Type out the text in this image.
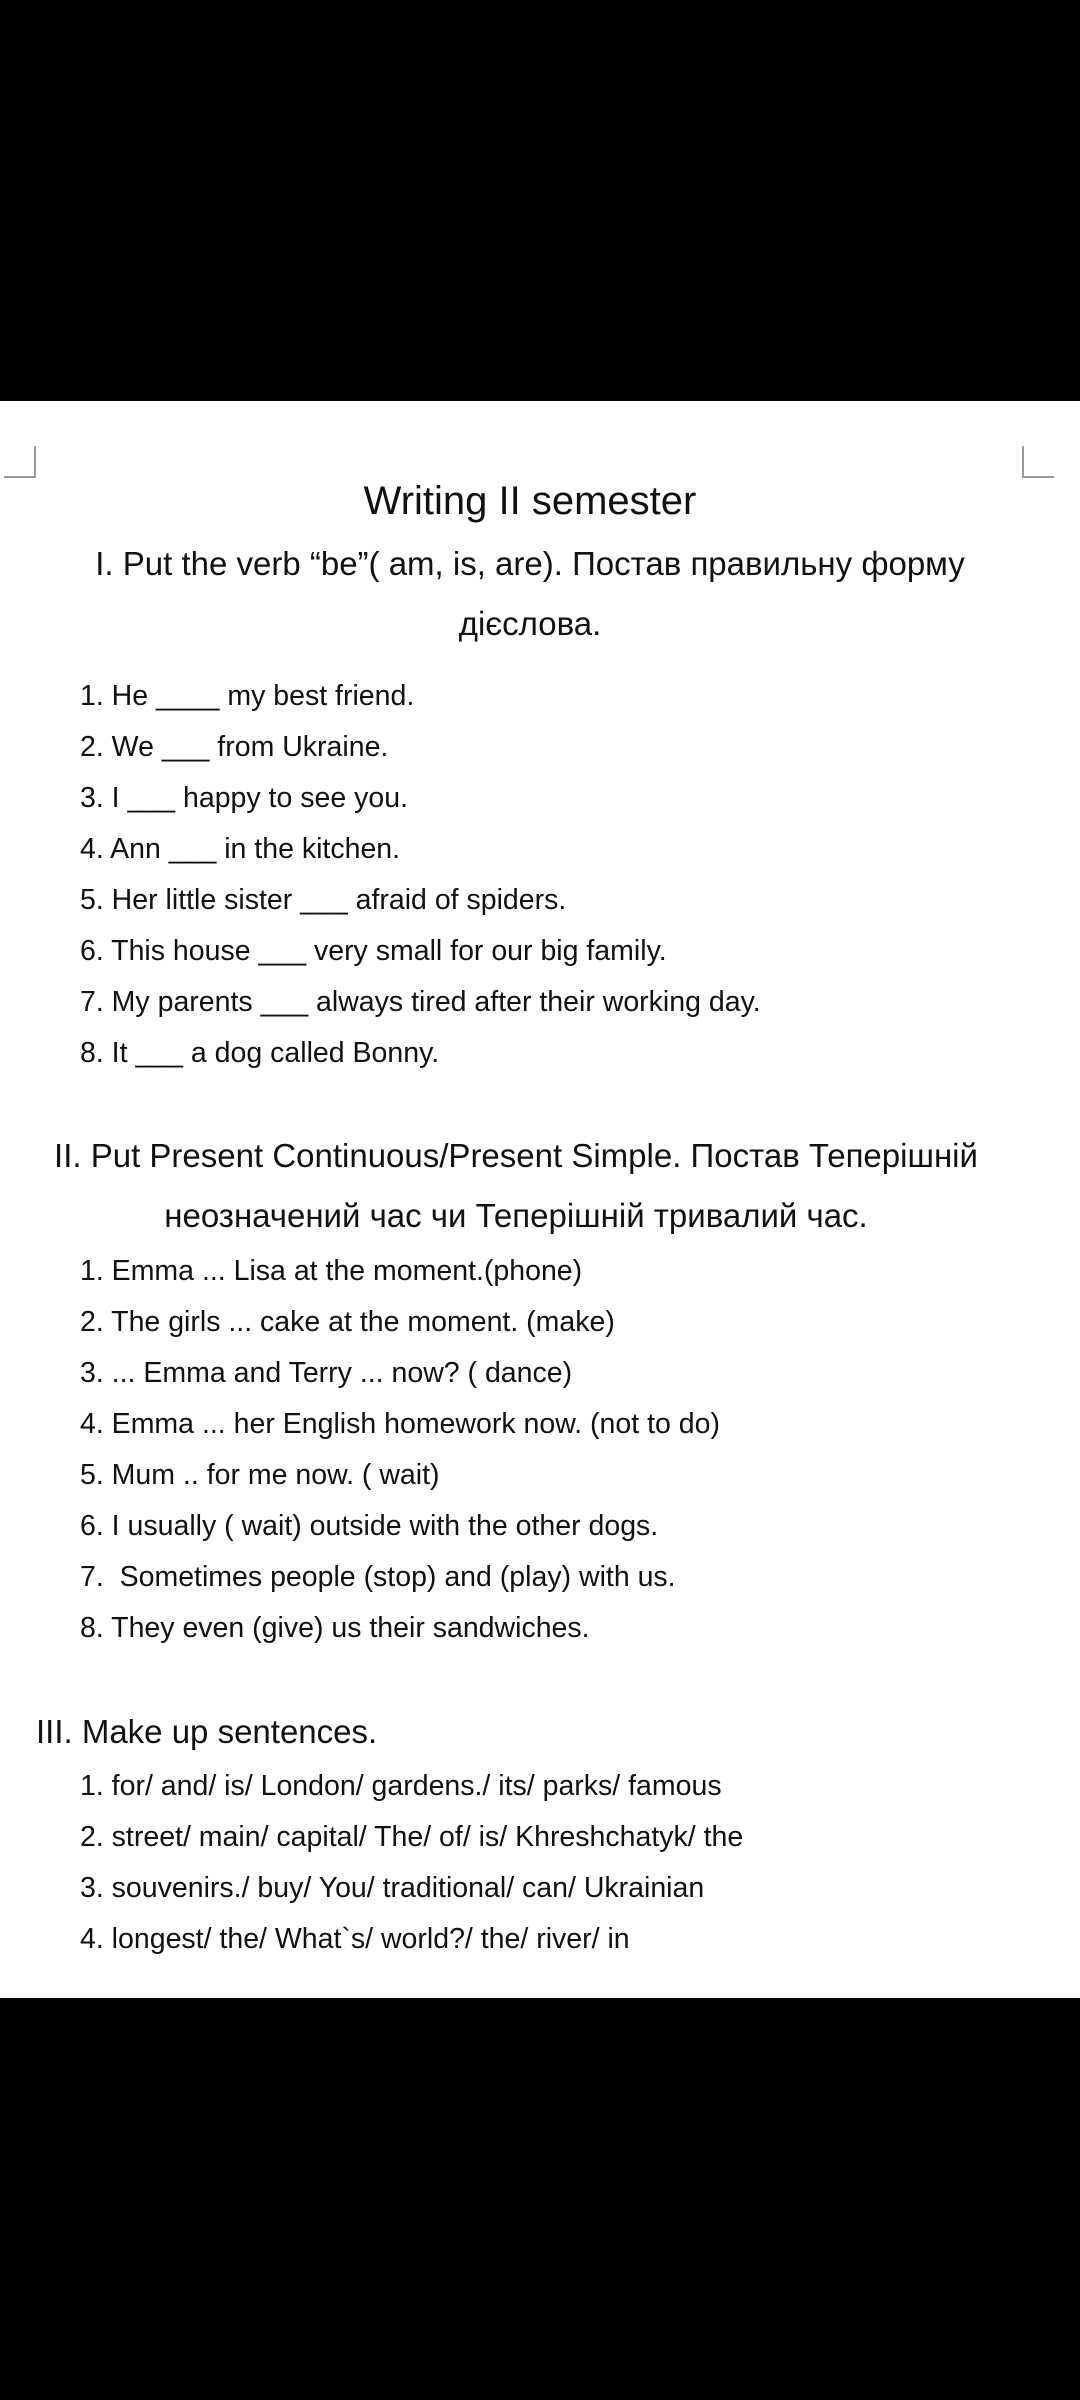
Writing II semester
I. Put the verb “be”( am, is, are). Постав правильну форму дієслова.
1. He ____ my best friend.
2. We ___ from Ukraine.
3. I ___ happy to see you.
4. Ann ___ in the kitchen.
5. Her little sister ___ afraid of spiders.
6. This house ___ very small for our big family.
7. My parents ___ always tired after their working day.
8. It ___ a dog called Bonny.
II. Put Present Continuous/Present Simple. Постав Теперішній неозначений час чи Теперішній тривалий час.
1. Emma ... Lisa at the moment.(phone)
2. The girls ... cake at the moment. (make)
3. ... Emma and Terry ... now? ( dance)
4. Emma ... her English homework now. (not to do)
5. Mum .. for me now. ( wait)
6. I usually ( wait) outside with the other dogs.
7.  Sometimes people (stop) and (play) with us.
8. They even (give) us their sandwiches.
III. Make up sentences.
1. for/ and/ is/ London/ gardens./ its/ parks/ famous
2. street/ main/ capital/ The/ of/ is/ Khreshchatyk/ the
3. souvenirs./ buy/ You/ traditional/ can/ Ukrainian
4. longest/ the/ What`s/ world?/ the/ river/ in
